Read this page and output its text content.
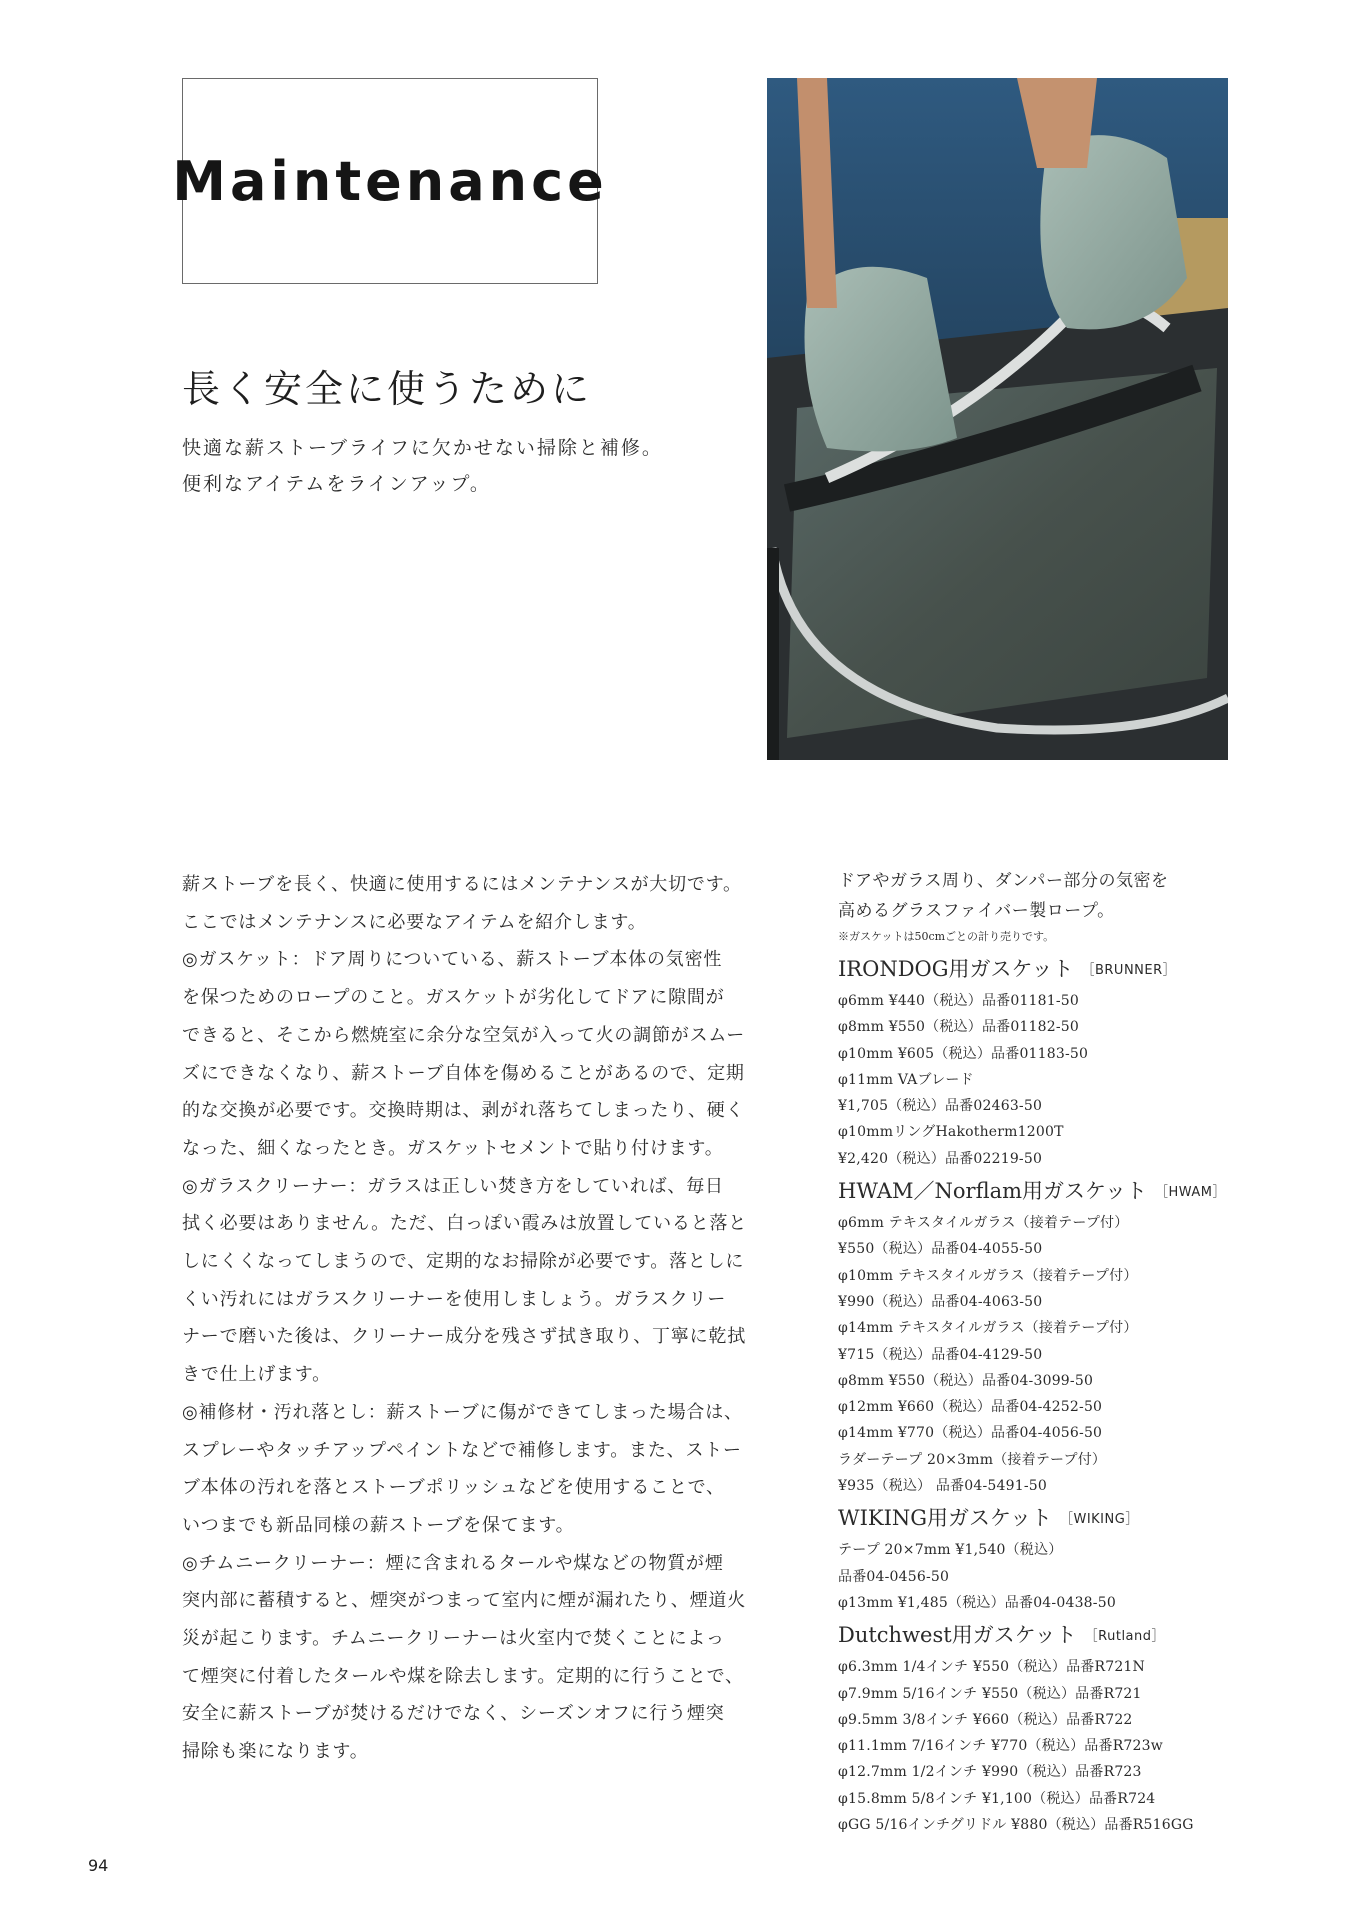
Maintenance
長く安全に使うために
快適な薪ストーブライフに欠かせない掃除と補修。
便利なアイテムをラインアップ。
薪ストーブを長く、快適に使用するにはメンテナンスが大切です。
ここではメンテナンスに必要なアイテムを紹介します。
◎ガスケット：ドア周りについている、薪ストーブ本体の気密性
を保つためのロープのこと。ガスケットが劣化してドアに隙間が
できると、そこから燃焼室に余分な空気が入って火の調節がスムー
ズにできなくなり、薪ストーブ自体を傷めることがあるので、定期
的な交換が必要です。交換時期は、剥がれ落ちてしまったり、硬く
なった、細くなったとき。ガスケットセメントで貼り付けます。
◎ガラスクリーナー：ガラスは正しい焚き方をしていれば、毎日
拭く必要はありません。ただ、白っぽい霞みは放置していると落と
しにくくなってしまうので、定期的なお掃除が必要です。落としに
くい汚れにはガラスクリーナーを使用しましょう。ガラスクリー
ナーで磨いた後は、クリーナー成分を残さず拭き取り、丁寧に乾拭
きで仕上げます。
◎補修材・汚れ落とし：薪ストーブに傷ができてしまった場合は、
スプレーやタッチアップペイントなどで補修します。また、ストー
ブ本体の汚れを落とストーブポリッシュなどを使用することで、
いつまでも新品同様の薪ストーブを保てます。
◎チムニークリーナー：煙に含まれるタールや煤などの物質が煙
突内部に蓄積すると、煙突がつまって室内に煙が漏れたり、煙道火
災が起こります。チムニークリーナーは火室内で焚くことによっ
て煙突に付着したタールや煤を除去します。定期的に行うことで、
安全に薪ストーブが焚けるだけでなく、シーズンオフに行う煙突
掃除も楽になります。
ドアやガラス周り、ダンパー部分の気密を
高めるグラスファイバー製ロープ。
※ガスケットは50cmごとの計り売りです。
IRONDOG用ガスケット ［BRUNNER］
φ6mm ¥440（税込）品番01181-50
φ8mm ¥550（税込）品番01182-50
φ10mm ¥605（税込）品番01183-50
φ11mm VAブレード
¥1,705（税込）品番02463-50
φ10mmリングHakotherm1200T
¥2,420（税込）品番02219-50
HWAM／Norflam用ガスケット ［HWAM］
φ6mm テキスタイルガラス（接着テープ付）
¥550（税込）品番04-4055-50
φ10mm テキスタイルガラス（接着テープ付）
¥990（税込）品番04-4063-50
φ14mm テキスタイルガラス（接着テープ付）
¥715（税込）品番04-4129-50
φ8mm ¥550（税込）品番04-3099-50
φ12mm ¥660（税込）品番04-4252-50
φ14mm ¥770（税込）品番04-4056-50
ラダーテープ 20×3mm（接着テープ付）
¥935（税込） 品番04-5491-50
WIKING用ガスケット ［WIKING］
テープ 20×7mm ¥1,540（税込）
品番04-0456-50
φ13mm ¥1,485（税込）品番04-0438-50
Dutchwest用ガスケット ［Rutland］
φ6.3mm 1/4インチ ¥550（税込）品番R721N
φ7.9mm 5/16インチ ¥550（税込）品番R721
φ9.5mm 3/8インチ ¥660（税込）品番R722
φ11.1mm 7/16インチ ¥770（税込）品番R723w
φ12.7mm 1/2インチ ¥990（税込）品番R723
φ15.8mm 5/8インチ ¥1,100（税込）品番R724
φGG 5/16インチグリドル ¥880（税込）品番R516GG
94
